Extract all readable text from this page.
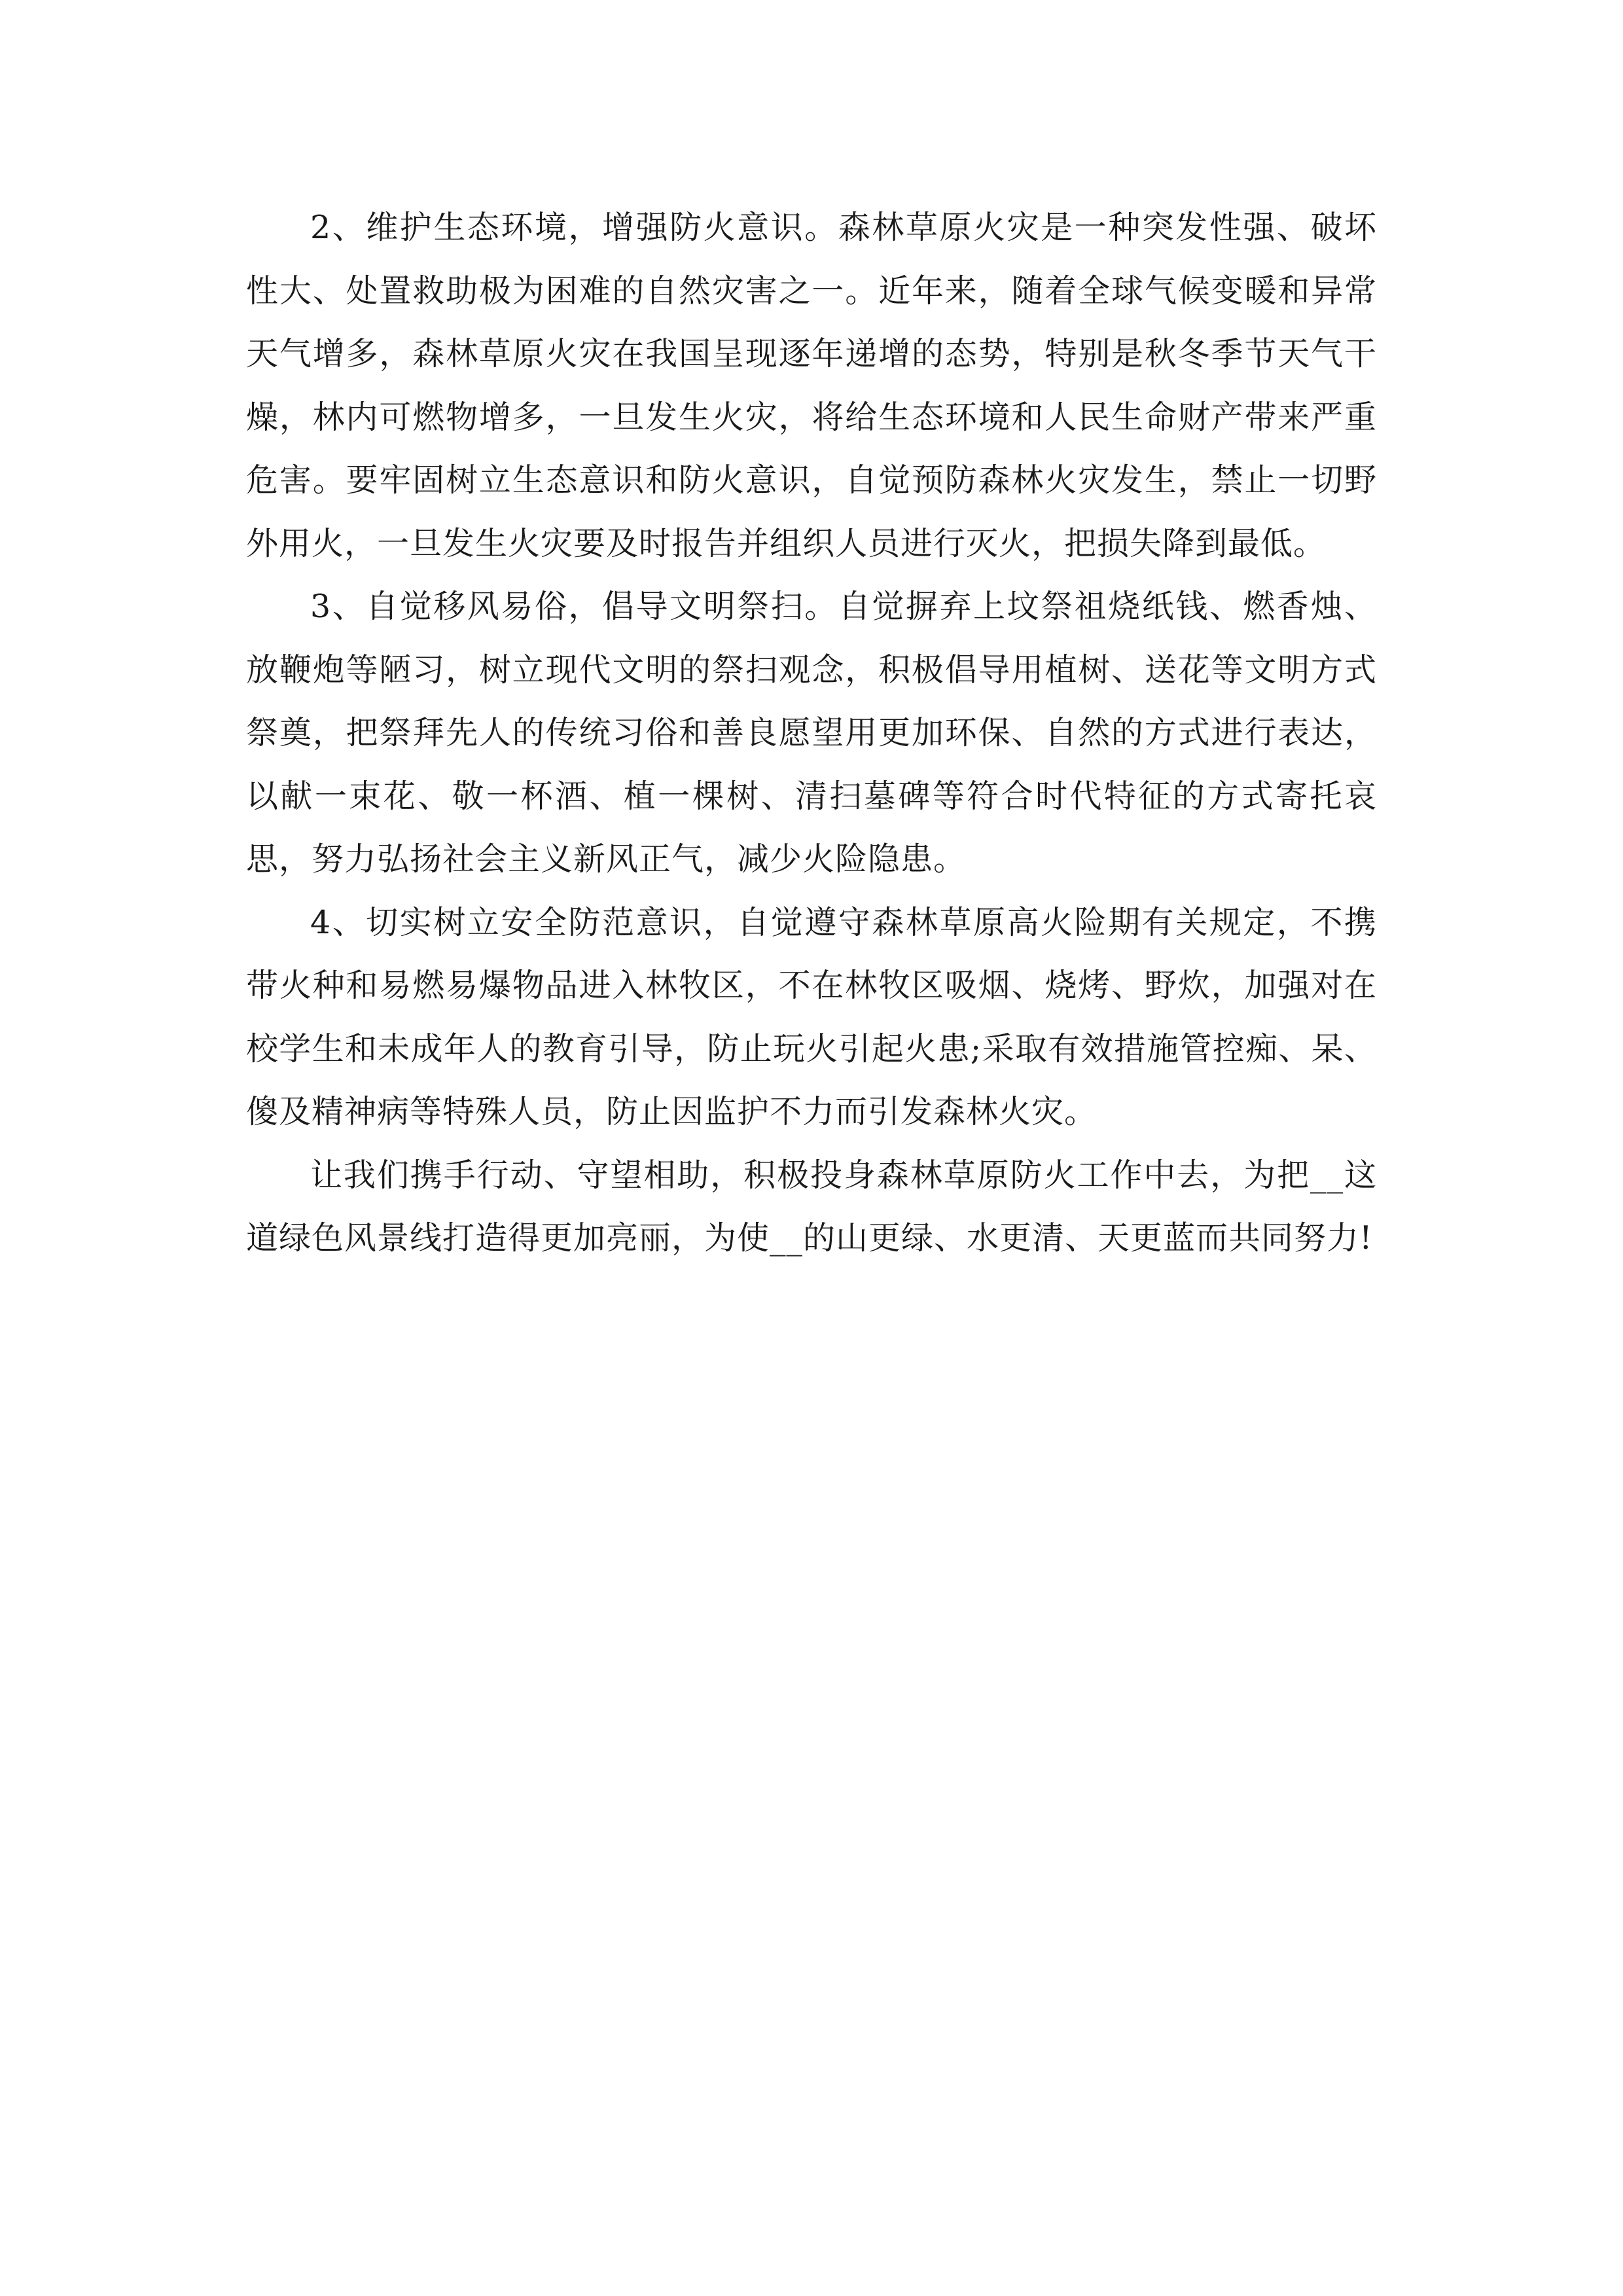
2、维护生态环境，增强防火意识。森林草原火灾是一种突发性强、破坏性大、处置救助极为困难的自然灾害之一。近年来，随着全球气候变暖和异常天气增多，森林草原火灾在我国呈现逐年递增的态势，特别是秋冬季节天气干燥，林内可燃物增多，一旦发生火灾，将给生态环境和人民生命财产带来严重危害。要牢固树立生态意识和防火意识，自觉预防森林火灾发生，禁止一切野外用火，一旦发生火灾要及时报告并组织人员进行灭火，把损失降到最低。

3、自觉移风易俗，倡导文明祭扫。自觉摒弃上坟祭祖烧纸钱、燃香烛、放鞭炮等陋习，树立现代文明的祭扫观念，积极倡导用植树、送花等文明方式祭奠，把祭拜先人的传统习俗和善良愿望用更加环保、自然的方式进行表达，以献一束花、敬一杯酒、植一棵树、清扫墓碑等符合时代特征的方式寄托哀思，努力弘扬社会主义新风正气，减少火险隐患。

4、切实树立安全防范意识，自觉遵守森林草原高火险期有关规定，不携带火种和易燃易爆物品进入林牧区，不在林牧区吸烟、烧烤、野炊，加强对在校学生和未成年人的教育引导，防止玩火引起火患;采取有效措施管控痴、呆、傻及精神病等特殊人员，防止因监护不力而引发森林火灾。

让我们携手行动、守望相助，积极投身森林草原防火工作中去，为把__这道绿色风景线打造得更加亮丽，为使__的山更绿、水更清、天更蓝而共同努力!
